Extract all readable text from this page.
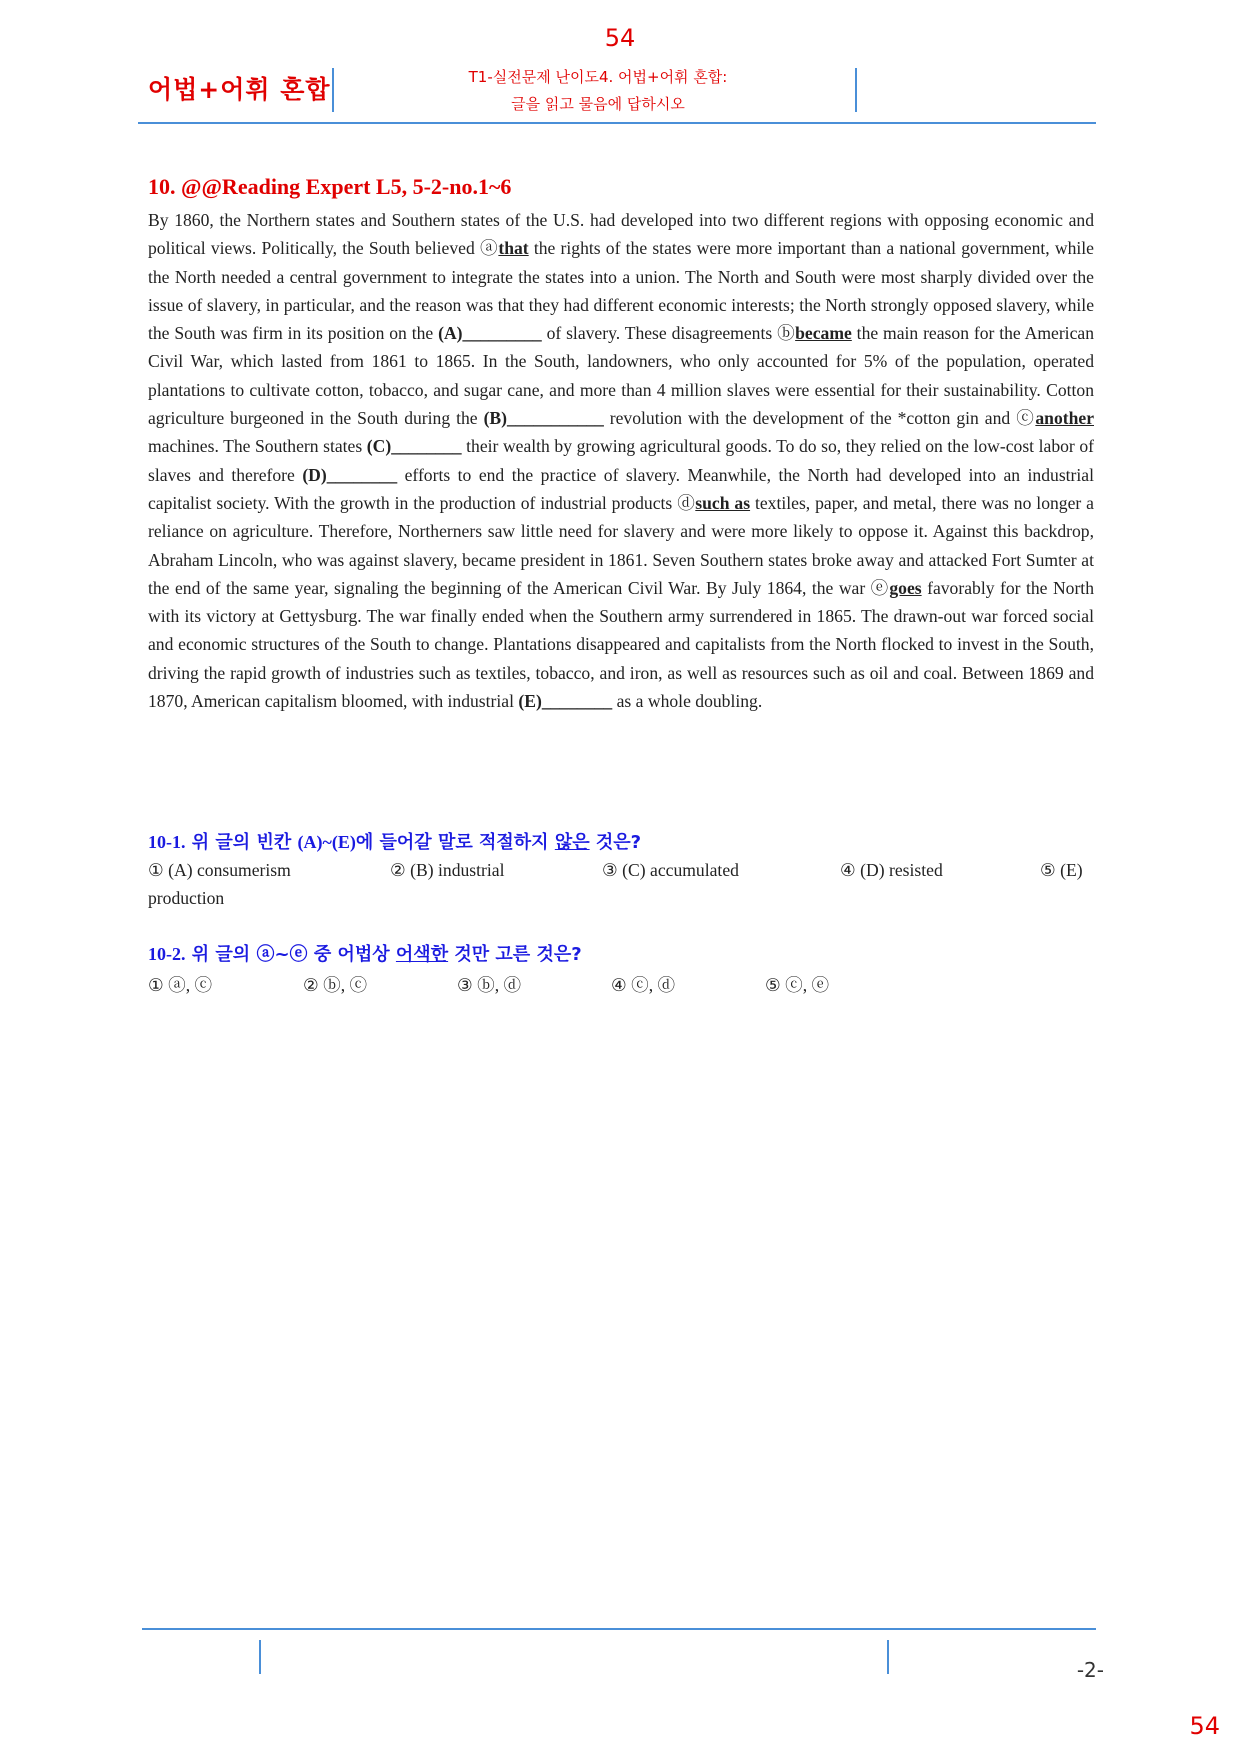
54
어법+어휘 혼합	T1-실전문제 난이도4. 어법+어휘 혼합:
글을 읽고 물음에 답하시오
10. @@Reading Expert L5, 5-2-no.1~6
By 1860, the Northern states and Southern states of the U.S. had developed into two different regions with opposing economic and political views. Politically, the South believed ⓐthat the rights of the states were more important than a national government, while the North needed a central government to integrate the states into a union. The North and South were most sharply divided over the issue of slavery, in particular, and the reason was that they had different economic interests; the North strongly opposed slavery, while the South was firm in its position on the (A)_________ of slavery. These disagreements ⓑbecame the main reason for the American Civil War, which lasted from 1861 to 1865. In the South, landowners, who only accounted for 5% of the population, operated plantations to cultivate cotton, tobacco, and sugar cane, and more than 4 million slaves were essential for their sustainability. Cotton agriculture burgeoned in the South during the (B)___________ revolution with the development of the *cotton gin and ⓒanother machines. The Southern states (C)________ their wealth by growing agricultural goods. To do so, they relied on the low-cost labor of slaves and therefore (D)________ efforts to end the practice of slavery. Meanwhile, the North had developed into an industrial capitalist society. With the growth in the production of industrial products ⓓsuch as textiles, paper, and metal, there was no longer a reliance on agriculture. Therefore, Northerners saw little need for slavery and were more likely to oppose it. Against this backdrop, Abraham Lincoln, who was against slavery, became president in 1861. Seven Southern states broke away and attacked Fort Sumter at the end of the same year, signaling the beginning of the American Civil War. By July 1864, the war ⓔgoes favorably for the North with its victory at Gettysburg. The war finally ended when the Southern army surrendered in 1865. The drawn-out war forced social and economic structures of the South to change. Plantations disappeared and capitalists from the North flocked to invest in the South, driving the rapid growth of industries such as textiles, tobacco, and iron, as well as resources such as oil and coal. Between 1869 and 1870, American capitalism bloomed, with industrial (E)________ as a whole doubling.
10-1. 위 글의 빈칸 (A)~(E)에 들어갈 말로 적절하지 않은 것은?
① (A) consumerism	② (B) industrial	③ (C) accumulated	④ (D) resisted	⑤ (E)
production
10-2. 위 글의 ⓐ~ⓔ 중 어법상 어색한 것만 고른 것은?
① ⓐ, ⓒ	② ⓑ, ⓒ	③ ⓑ, ⓓ	④ ⓒ, ⓓ	⑤ ⓒ, ⓔ
-2-
54
